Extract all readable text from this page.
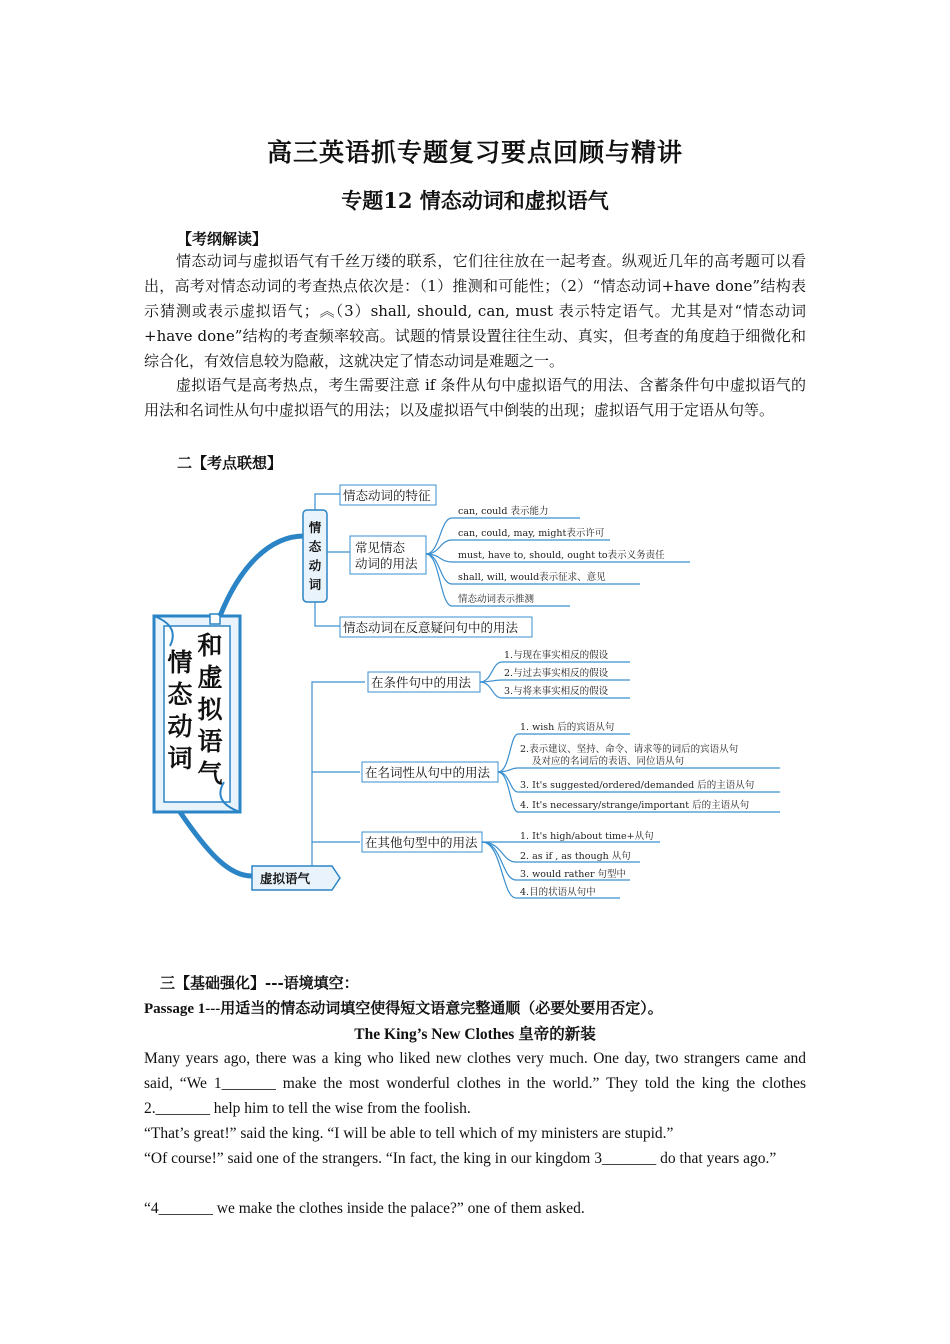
高三英语抓专题复习要点回顾与精讲
专题12 情态动词和虚拟语气
【考纲解读】
情态动词与虚拟语气有千丝万缕的联系，它们往往放在一起考查。纵观近几年的高考题可以看出，高考对情态动词的考查热点依次是：（1）推测和可能性；（2）“情态动词+have done”结构表示猜测或表示虚拟语气；︽（3）shall, should, can, must 表示特定语气。尤其是对“情态动词+have done”结构的考查频率较高。试题的情景设置往往生动、真实，但考查的角度趋于细微化和综合化，有效信息较为隐蔽，这就决定了情态动词是难题之一。
虚拟语气是高考热点，考生需要注意 if 条件从句中虚拟语气的用法、含蓄条件句中虚拟语气的用法和名词性从句中虚拟语气的用法；以及虚拟语气中倒装的出现；虚拟语气用于定语从句等。
二【考点联想】
和
虚
拟
语
气
情
态
动
词
情
态
动
词
情态动词的特征
常见情态
动词的用法
can, could 表示能力
can, could, may, might表示许可
must, have to, should, ought to表示义务责任
shall, will, would表示征求、意见
情态动词表示推测
情态动词在反意疑问句中的用法
虚拟语气
在条件句中的用法
1.与现在事实相反的假设
2.与过去事实相反的假设
3.与将来事实相反的假设
在名词性从句中的用法
1. wish 后的宾语从句
2.表示建议、坚持、命令、请求等的词后的宾语从句
及对应的名词后的表语、同位语从句
3. It's suggested/ordered/demanded 后的主语从句
4. It's necessary/strange/important 后的主语从句
在其他句型中的用法	1. It's high/about time+从句
2. as if , as though 从句
3. would rather 句型中
4.目的状语从句中
三【基础强化】---语境填空：
Passage 1---用适当的情态动词填空使得短文语意完整通顺（必要处要用否定）。
The King’s New Clothes 皇帝的新装
Many years ago, there was a king who liked new clothes very much. One day, two strangers came and said, “We 1_______ make the most wonderful clothes in the world.” They told the king the clothes 2._______ help him to tell the wise from the foolish.
“That’s great!” said the king. “I will be able to tell which of my ministers are stupid.”
“Of course!” said one of the strangers. “In fact, the king in our kingdom 3_______ do that years ago.”
“4_______ we make the clothes inside the palace?” one of them asked.
